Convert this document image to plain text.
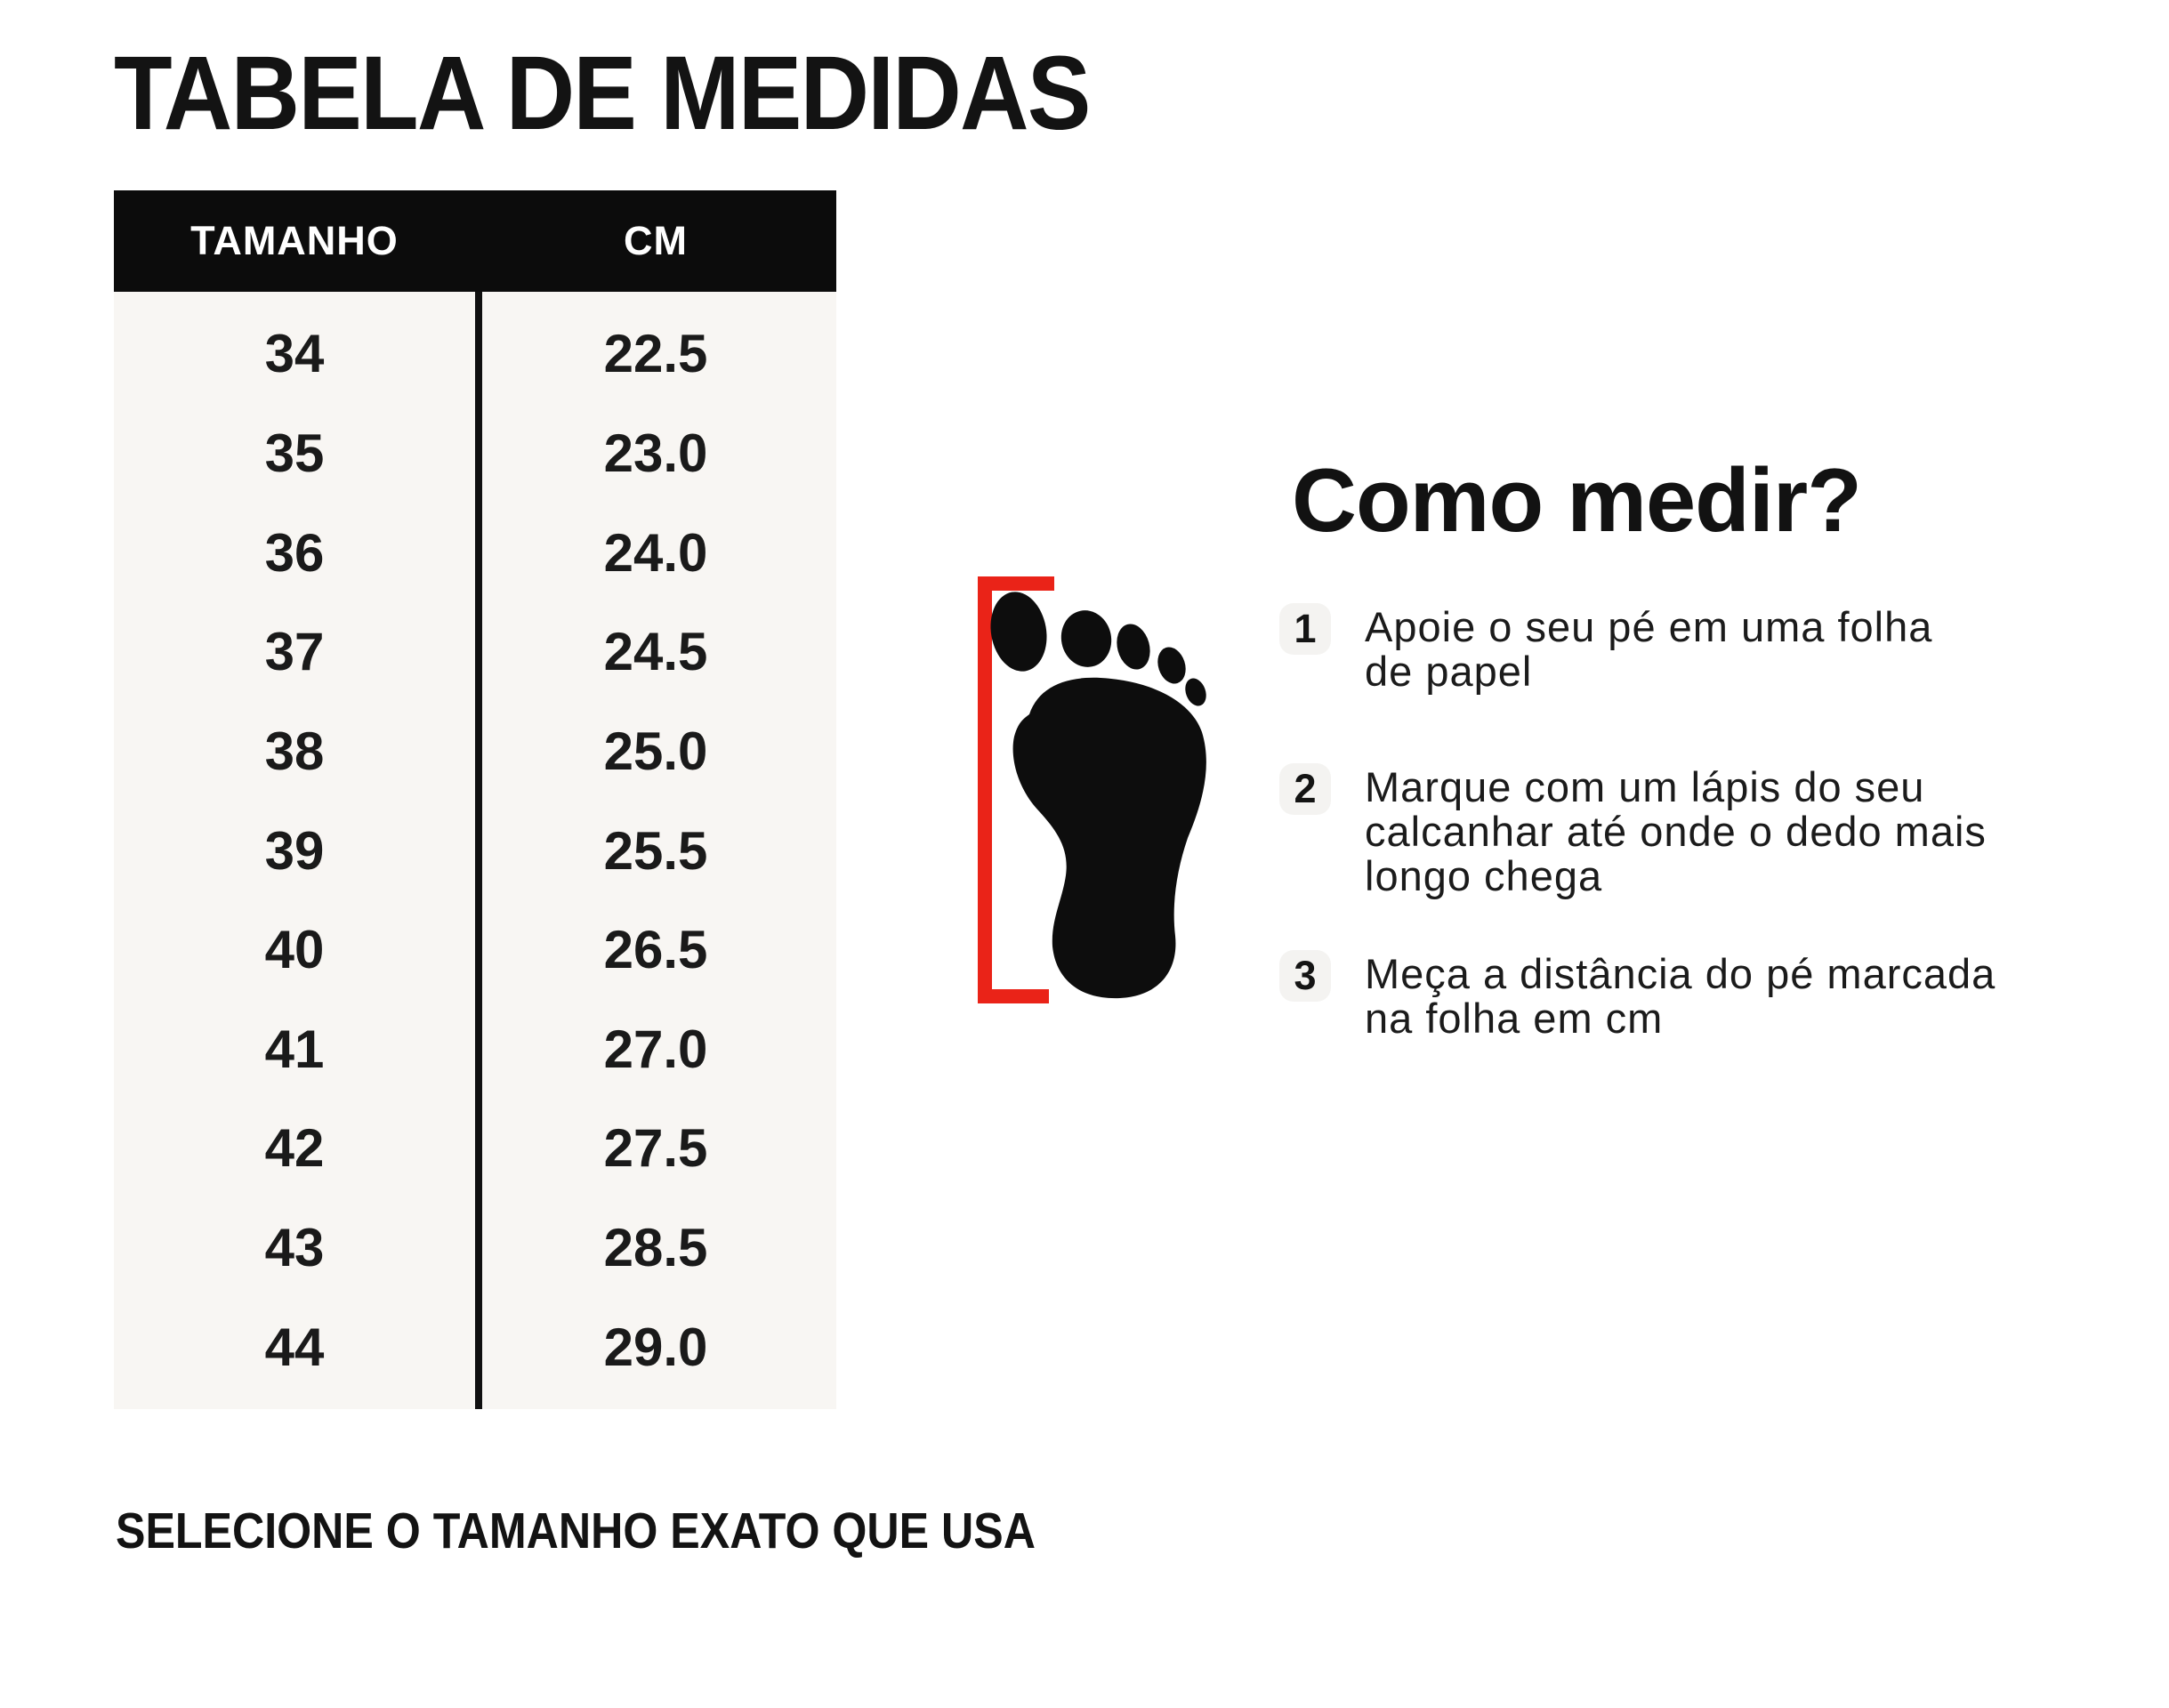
TABELA DE MEDIDAS
TAMANHO	CM
34	22.5
35	23.0
36	24.0
37	24.5
38	25.0
39	25.5
40	26.5
41	27.0
42	27.5
43	28.5
44	29.0
SELECIONE O TAMANHO EXATO QUE USA
Como medir?
1	Apoie o seu pé em uma folha de papel
2	Marque com um lápis do seu calcanhar até onde o dedo mais longo chega
3	Meça a distância do pé marcada na folha em cm
